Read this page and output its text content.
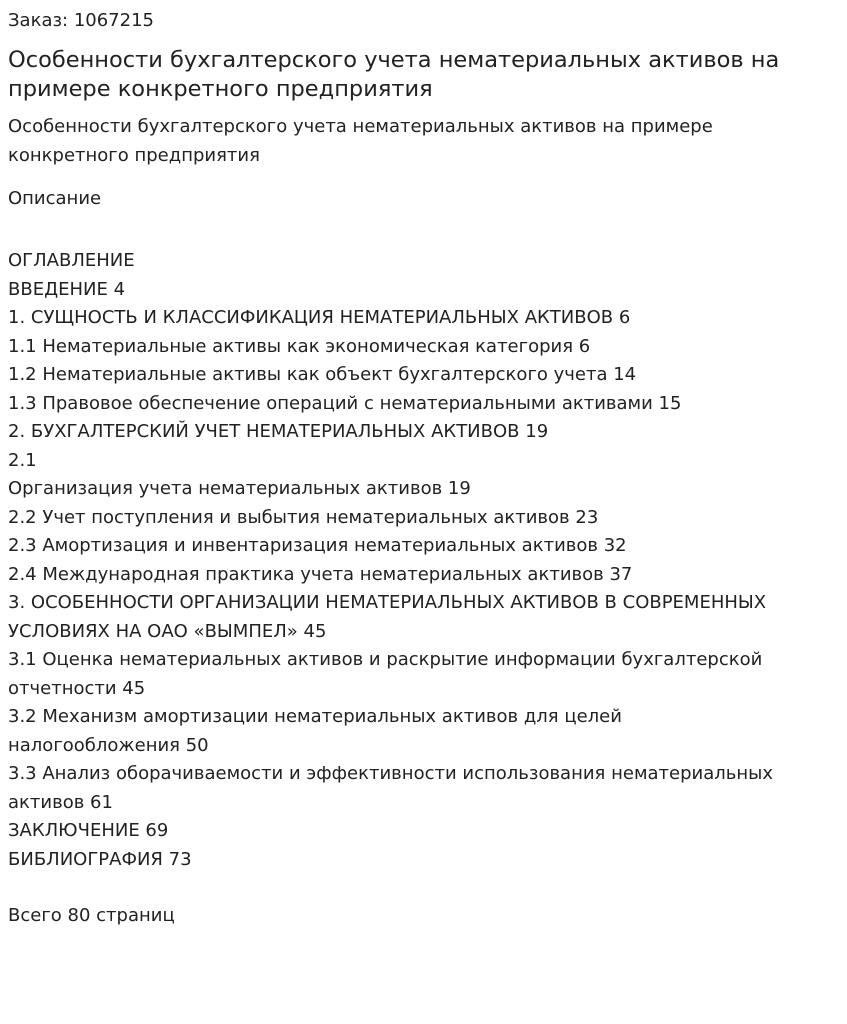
Заказ: 1067215
Особенности бухгалтерского учета нематериальных активов на
примере конкретного предприятия
Особенности бухгалтерского учета нематериальных активов на примере
конкретного предприятия
Описание
ОГЛАВЛЕНИЕ
ВВЕДЕНИЕ 4
1. СУЩНОСТЬ И КЛАССИФИКАЦИЯ НЕМАТЕРИАЛЬНЫХ АКТИВОВ 6
1.1 Нематериальные активы как экономическая категория 6
1.2 Нематериальные активы как объект бухгалтерского учета 14
1.3 Правовое обеспечение операций с нематериальными активами 15
2. БУХГАЛТЕРСКИЙ УЧЕТ НЕМАТЕРИАЛЬНЫХ АКТИВОВ 19
2.1
Организация учета нематериальных активов 19
2.2 Учет поступления и выбытия нематериальных активов 23
2.3 Амортизация и инвентаризация нематериальных активов 32
2.4 Международная практика учета нематериальных активов 37
3. ОСОБЕННОСТИ ОРГАНИЗАЦИИ НЕМАТЕРИАЛЬНЫХ АКТИВОВ В СОВРЕМЕННЫХ
УСЛОВИЯХ НА ОАО «ВЫМПЕЛ» 45
3.1 Оценка нематериальных активов и раскрытие информации бухгалтерской
отчетности 45
3.2 Механизм амортизации нематериальных активов для целей
налогообложения 50
3.3 Анализ оборачиваемости и эффективности использования нематериальных
активов 61
ЗАКЛЮЧЕНИЕ 69
БИБЛИОГРАФИЯ 73
Всего 80 страниц
